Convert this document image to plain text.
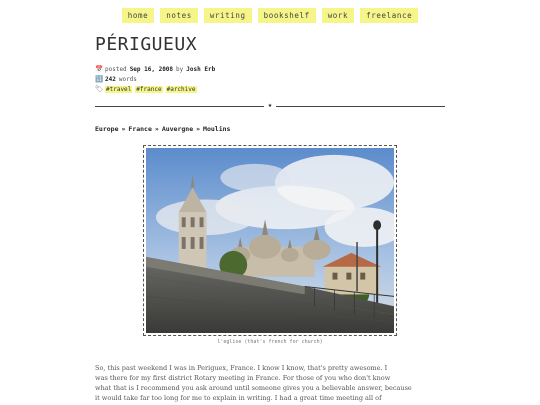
home	notes	writing	bookshelf	work	freelance
PÉRIGUEUX
📅 posted Sep 16, 2008 by Josh Erb
🔢 242 words
🏷 #travel #france #archive
★
Europe » France » Auvergne » Moulins
l'eglise (that's french for church)

So, this past weekend I was in Periguex, France. I know I know, that's pretty awesome. I

was there for my first district Rotary meeting in France. For those of you who don't know

what that is I recommend you ask around until someone gives you a believable answer, because

it would take far too long for me to explain in writing. I had a great time meeting all of
